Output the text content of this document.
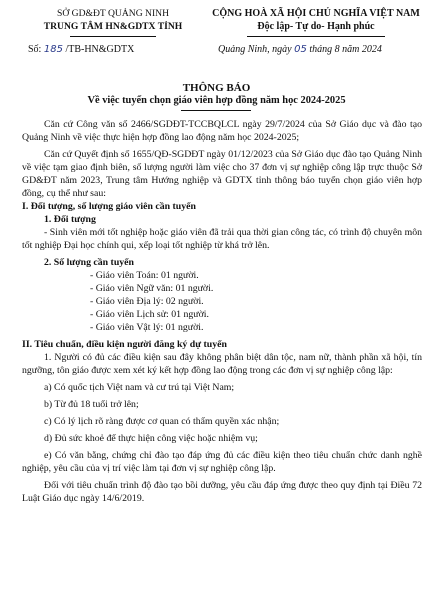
SỞ GD&ĐT QUẢNG NINH
TRUNG TÂM HN&GDTX TỈNH
CỘNG HOÀ XÃ HỘI CHỦ NGHĨA VIỆT NAM
Độc lập- Tự do- Hạnh phúc
Số: 185 /TB-HN&GDTX	Quảng Ninh, ngày 05 tháng 8 năm 2024
THÔNG BÁO
Về việc tuyển chọn giáo viên hợp đồng năm học 2024-2025

Căn cứ Công văn số 2466/SGDĐT-TCCBQLCL ngày 29/7/2024 của Sở Giáo dục và đào tạo Quảng Ninh về việc thực hiện hợp đồng lao động năm học 2024-2025;

Căn cứ Quyết định số 1655/QĐ-SGDĐT ngày 01/12/2023 của Sở Giáo dục đào tạo Quảng Ninh về việc tạm giao định biên, số lượng người làm việc cho 37 đơn vị sự nghiệp công lập trực thuộc Sở GD&ĐT năm 2023, Trung tâm Hướng nghiệp và GDTX tỉnh thông báo tuyển chọn giáo viên hợp đồng, cụ thể như sau:

I. Đối tượng, số lượng giáo viên cần tuyển

1. Đối tượng

- Sinh viên mới tốt nghiệp hoặc giáo viên đã trải qua thời gian công tác, có trình độ chuyên môn tốt nghiệp Đại học chính qui, xếp loại tốt nghiệp từ khá trở lên.

2. Số lượng cần tuyển

- Giáo viên Toán: 01 người.

- Giáo viên Ngữ văn: 01 người.

- Giáo viên Địa lý: 02 người.

- Giáo viên Lịch sử: 01 người.

- Giáo viên Vật lý: 01 người.

II. Tiêu chuẩn, điều kiện người đăng ký dự tuyển

1. Người có đủ các điều kiện sau đây không phân biệt dân tộc, nam nữ, thành phần xã hội, tín ngưỡng, tôn giáo được xem xét ký kết hợp đồng lao động trong các đơn vị sự nghiệp công lập:

a) Có quốc tịch Việt nam và cư trú tại Việt Nam;

b) Từ đủ 18 tuổi trở lên;

c) Có lý lịch rõ ràng được cơ quan có thẩm quyền xác nhận;

d) Đủ sức khoẻ để thực hiện công việc hoặc nhiệm vụ;

e) Có văn bằng, chứng chỉ đào tạo đáp ứng đủ các điều kiện theo tiêu chuẩn chức danh nghề nghiệp, yêu cầu của vị trí việc làm tại đơn vị sự nghiệp công lập.

Đối với tiêu chuẩn trình độ đào tạo bồi dưỡng, yêu cầu đáp ứng được theo quy định tại Điều 72 Luật Giáo dục ngày 14/6/2019.
